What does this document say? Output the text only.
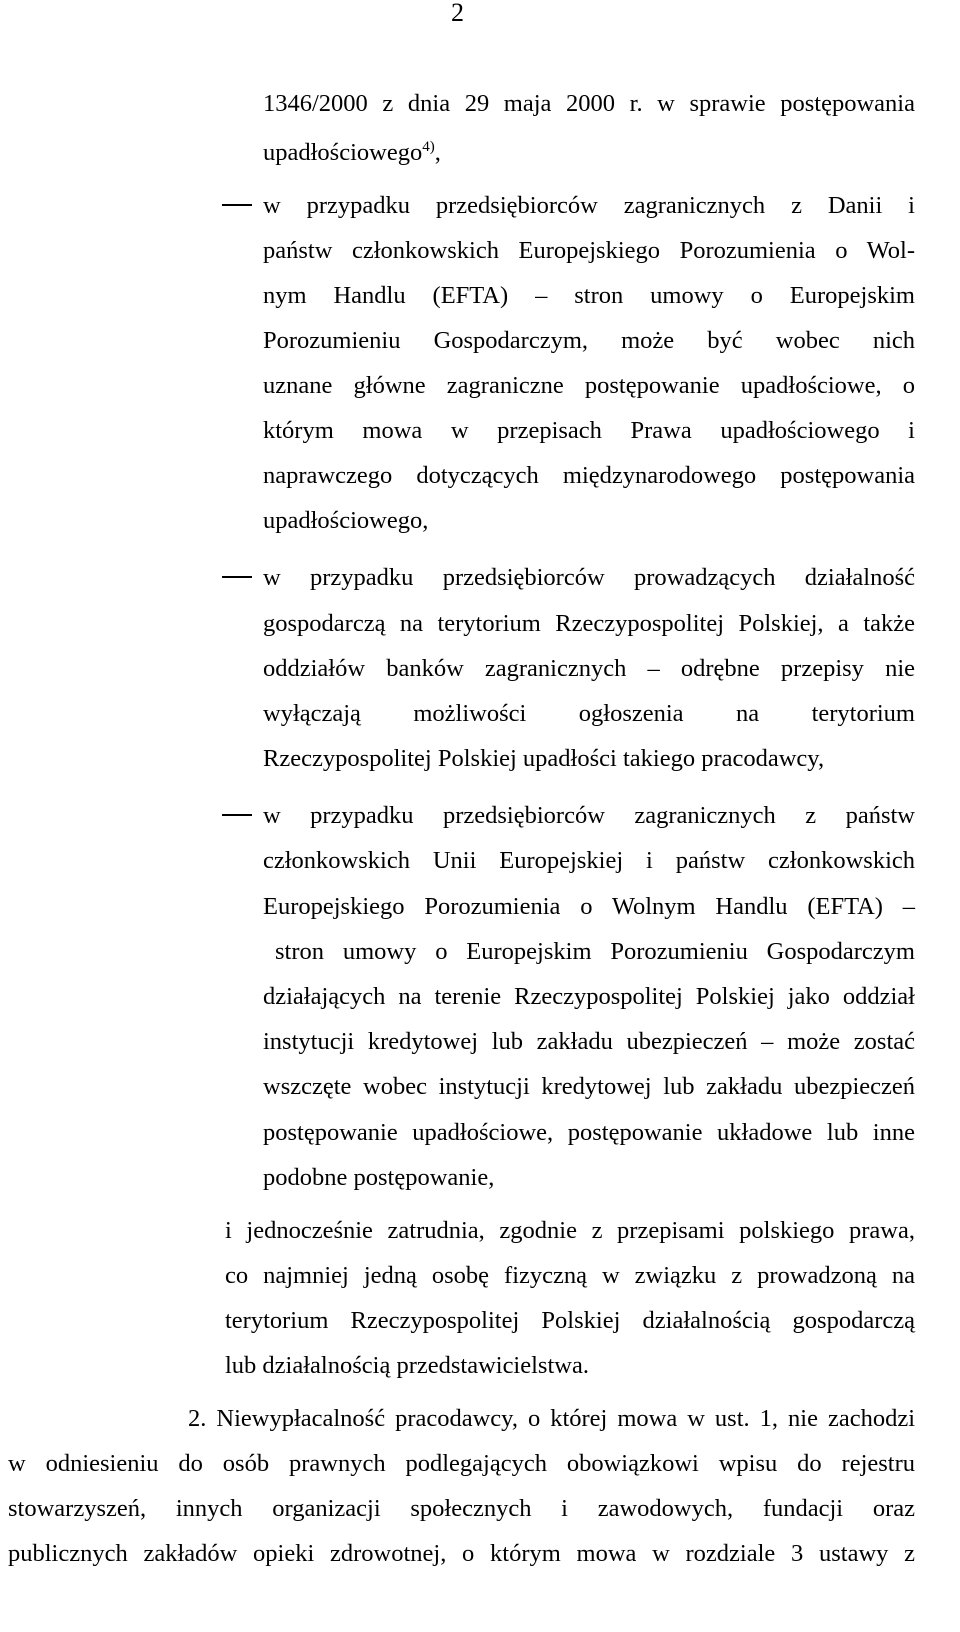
2
1346/2000 z dnia 29 maja 2000 r. w sprawie postępowania
upadłościowego$^{4)}$,
w przypadku przedsiębiorców zagranicznych z Danii i
państw członkowskich Europejskiego Porozumienia o Wol-
nym Handlu (EFTA) – stron umowy o Europejskim
Porozumieniu Gospodarczym, może być wobec nich
uznane główne zagraniczne postępowanie upadłościowe, o
którym mowa w przepisach Prawa upadłościowego i
naprawczego dotyczących międzynarodowego postępowania
upadłościowego,
w przypadku przedsiębiorców prowadzących działalność
gospodarczą na terytorium Rzeczypospolitej Polskiej, a także
oddziałów banków zagranicznych – odrębne przepisy nie
wyłączają możliwości ogłoszenia na terytorium
Rzeczypospolitej Polskiej upadłości takiego pracodawcy,
w przypadku przedsiębiorców zagranicznych z państw
członkowskich Unii Europejskiej i państw członkowskich
Europejskiego Porozumienia o Wolnym Handlu (EFTA) –
stron umowy o Europejskim Porozumieniu Gospodarczym
działających na terenie Rzeczypospolitej Polskiej jako oddział
instytucji kredytowej lub zakładu ubezpieczeń – może zostać
wszczęte wobec instytucji kredytowej lub zakładu ubezpieczeń
postępowanie upadłościowe, postępowanie układowe lub inne
podobne postępowanie,
i jednocześnie zatrudnia, zgodnie z przepisami polskiego prawa,
co najmniej jedną osobę fizyczną w związku z prowadzoną na
terytorium Rzeczypospolitej Polskiej działalnością gospodarczą
lub działalnością przedstawicielstwa.
2. Niewypłacalność pracodawcy, o której mowa w ust. 1, nie zachodzi
w odniesieniu do osób prawnych podlegających obowiązkowi wpisu do rejestru
stowarzyszeń, innych organizacji społecznych i zawodowych, fundacji oraz
publicznych zakładów opieki zdrowotnej, o którym mowa w rozdziale 3 ustawy z
